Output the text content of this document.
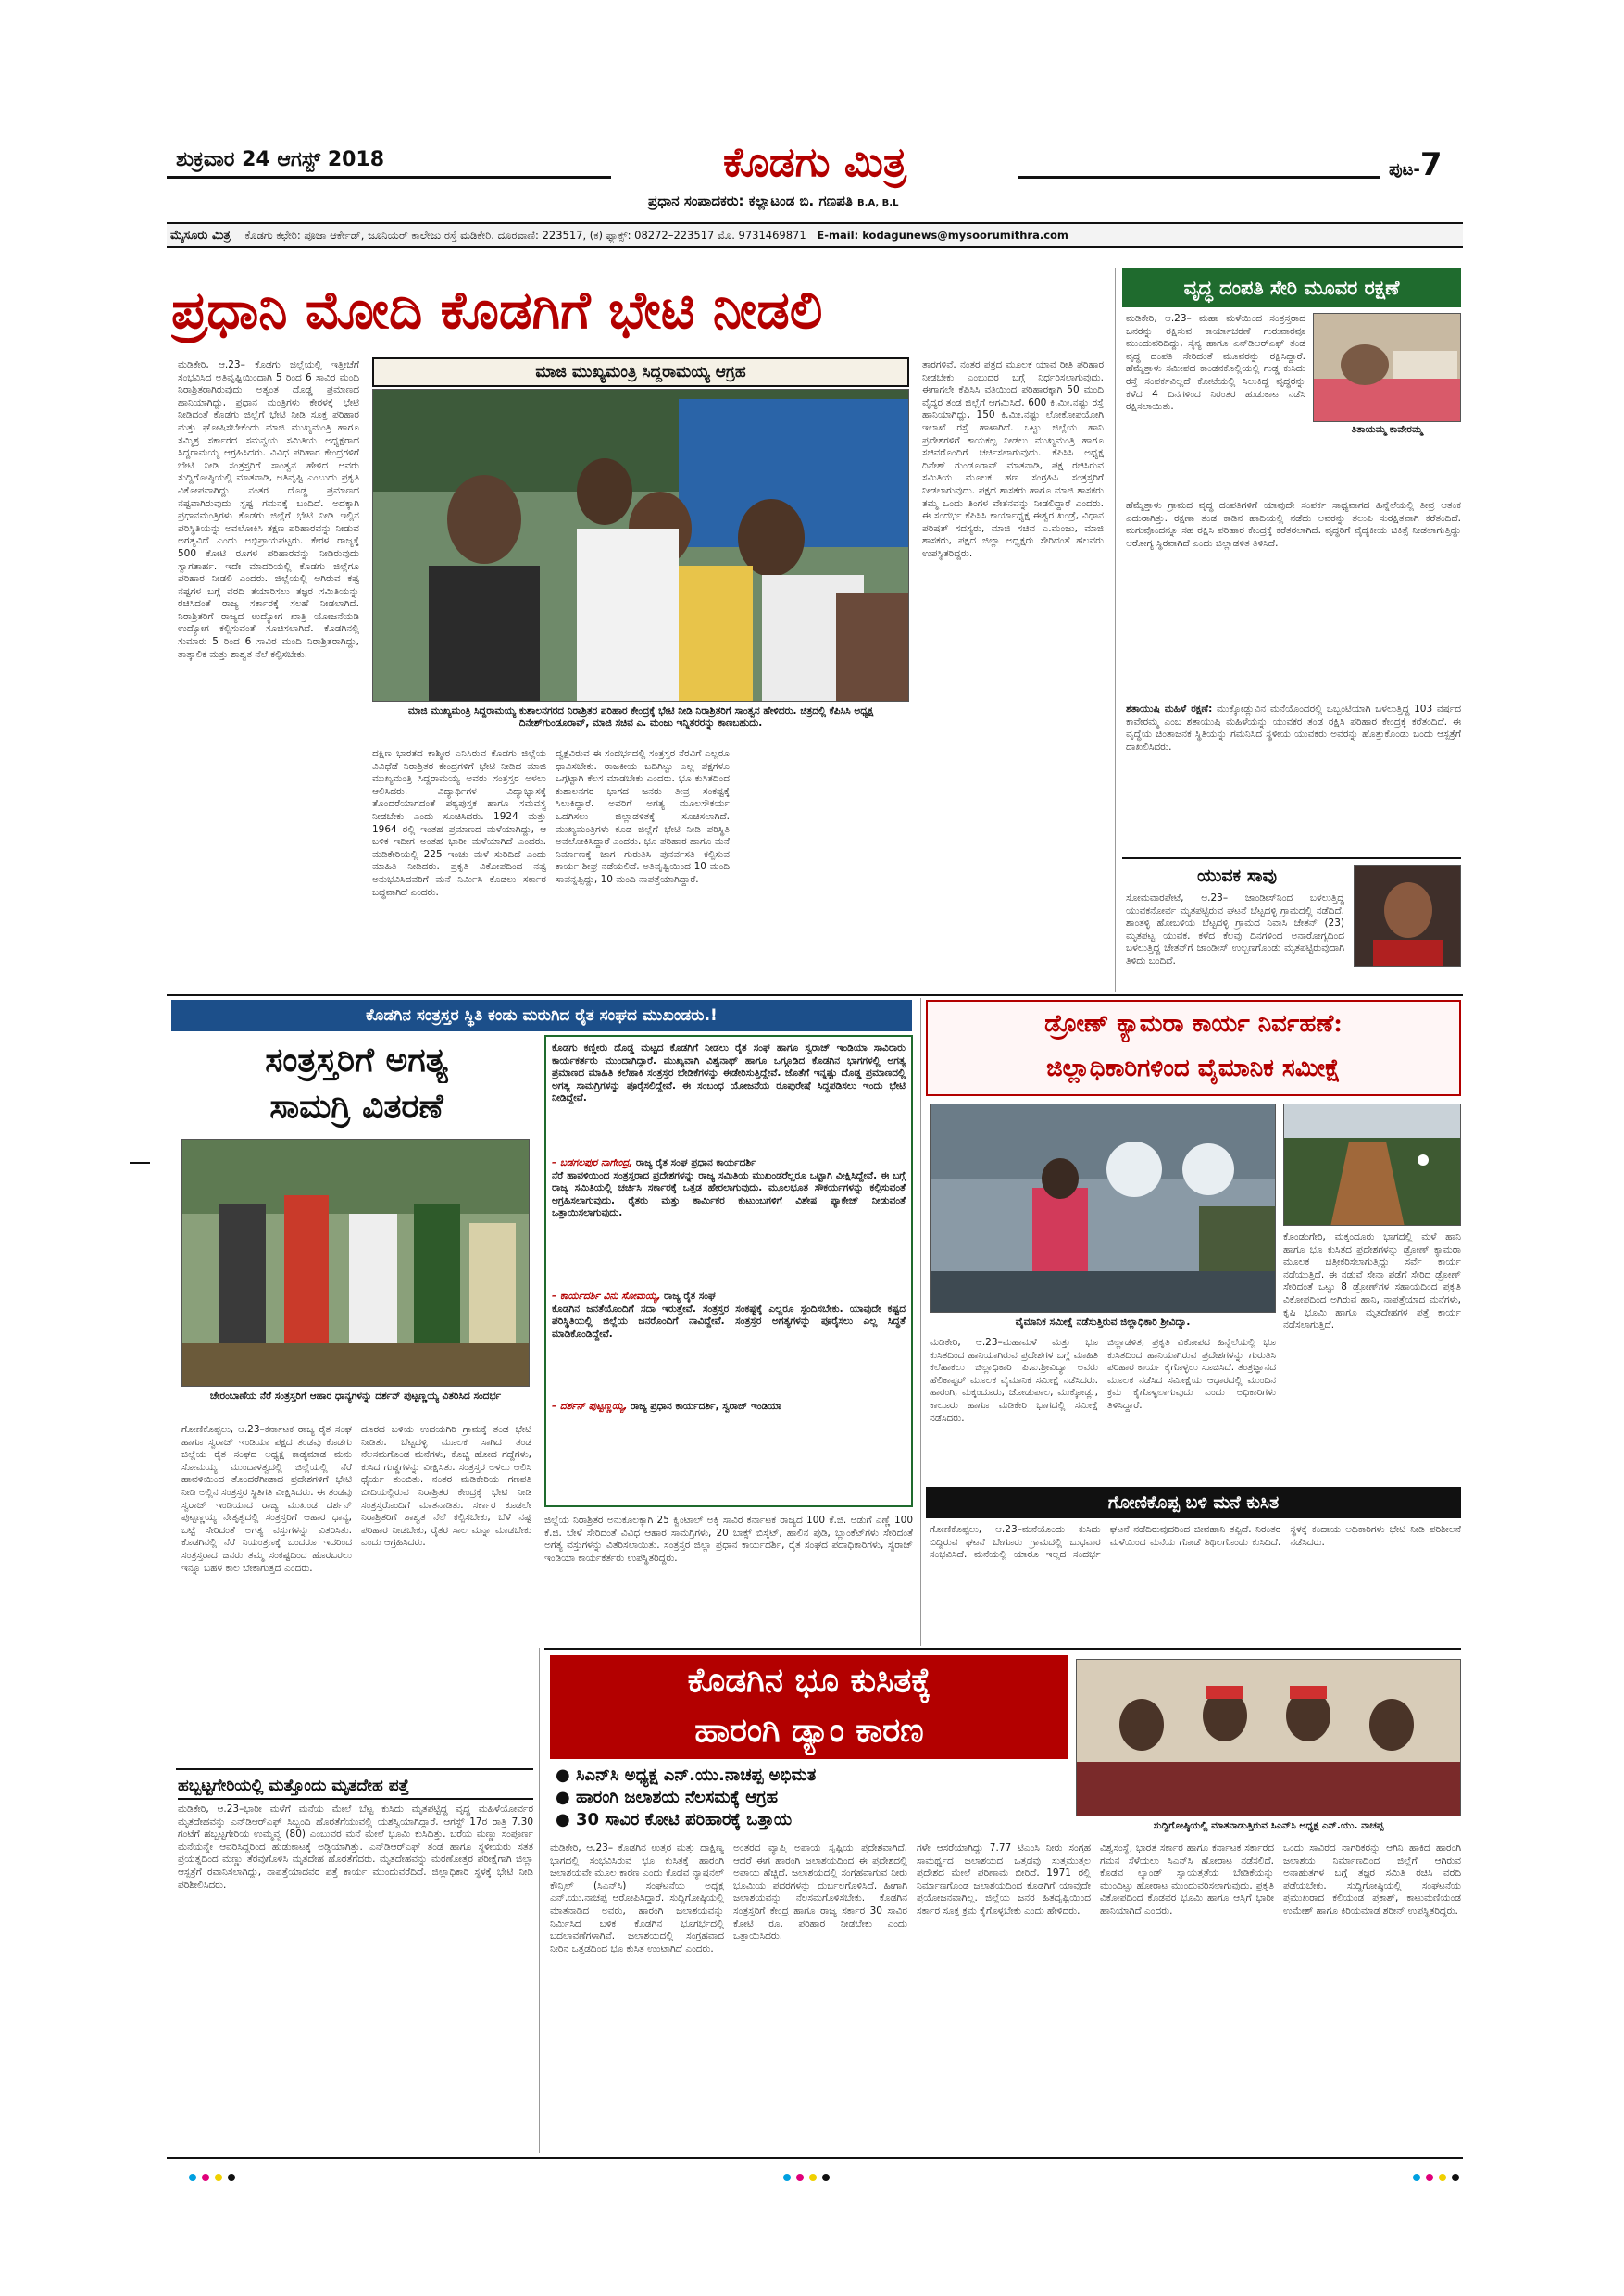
ಶುಕ್ರವಾರ 24 ಆಗಸ್ಟ್ 2018	ಕೊಡಗು ಮಿತ್ರ	ಪುಟ-7
ಪ್ರಧಾನ ಸಂಪಾದಕರು: ಕಲ್ಲಾಟಂಡ ಬಿ. ಗಣಪತಿ B.A, B.L
ಮೈಸೂರು ಮಿತ್ರ ಕೊಡಗು ಕಛೇರಿ: ಪೂಜಾ ಆರ್ಕೇಡ್, ಜೂನಿಯರ್ ಕಾಲೇಜು ರಸ್ತೆ ಮಡಿಕೇರಿ. ದೂರವಾಣಿ: 223517, (ಕ) ಫ್ಯಾಕ್ಸ್: 08272–223517 ಮೊ. 9731469871 E-mail: kodagunews@mysoorumithra.com
ಪ್ರಧಾನಿ ಮೋದಿ ಕೊಡಗಿಗೆ ಭೇಟಿ ನೀಡಲಿ
ಮಡಿಕೇರಿ, ಆ.23– ಕೊಡಗು ಜಿಲ್ಲೆಯಲ್ಲಿ ಇತ್ತೀಚೆಗೆ ಸಂಭವಿಸಿದ ಅತಿವೃಷ್ಟಿಯಿಂದಾಗಿ 5 ರಿಂದ 6 ಸಾವಿರ ಮಂದಿ ನಿರಾಶ್ರಿತರಾಗಿರುವುದು ಅತ್ಯಂತ ದೊಡ್ಡ ಪ್ರಮಾಣದ ಹಾನಿಯಾಗಿದ್ದು, ಪ್ರಧಾನ ಮಂತ್ರಿಗಳು ಕೇರಳಕ್ಕೆ ಭೇಟಿ ನೀಡಿದಂತೆ ಕೊಡಗು ಜಿಲ್ಲೆಗೆ ಭೇಟಿ ನೀಡಿ ಸೂಕ್ತ ಪರಿಹಾರ ಮತ್ತು ಘೋಷಿಸಬೇಕೆಂದು ಮಾಜಿ ಮುಖ್ಯಮಂತ್ರಿ ಹಾಗೂ ಸಮ್ಮಿಶ್ರ ಸರ್ಕಾರದ ಸಮನ್ವಯ ಸಮಿತಿಯ ಅಧ್ಯಕ್ಷರಾದ ಸಿದ್ದರಾಮಯ್ಯ ಆಗ್ರಹಿಸಿದರು. ವಿವಿಧ ಪರಿಹಾರ ಕೇಂದ್ರಗಳಿಗೆ ಭೇಟಿ ನೀಡಿ ಸಂತ್ರಸ್ತರಿಗೆ ಸಾಂತ್ವನ ಹೇಳಿದ ಅವರು ಸುದ್ದಿಗೋಷ್ಠಿಯಲ್ಲಿ ಮಾತನಾಡಿ, ಅತಿವೃಷ್ಟಿ ಎಂಬುದು ಪ್ರಕೃತಿ ವಿಕೋಪವಾಗಿದ್ದು ನಂತರ ದೊಡ್ಡ ಪ್ರಮಾಣದ ನಷ್ಟವಾಗಿರುವುದು ಸ್ಪಷ್ಟ ಗಮನಕ್ಕೆ ಬಂದಿದೆ. ಅದಕ್ಕಾಗಿ ಪ್ರಧಾನಮಂತ್ರಿಗಳು ಕೊಡಗು ಜಿಲ್ಲೆಗೆ ಭೇಟಿ ನೀಡಿ ಇಲ್ಲಿನ ಪರಿಸ್ಥಿತಿಯನ್ನು ಅವಲೋಕಿಸಿ ತಕ್ಷಣ ಪರಿಹಾರವನ್ನು ನೀಡುವ ಅಗತ್ಯವಿದೆ ಎಂದು ಅಭಿಪ್ರಾಯಪಟ್ಟರು. ಕೇರಳ ರಾಜ್ಯಕ್ಕೆ 500 ಕೋಟಿ ರೂಗಳ ಪರಿಹಾರವನ್ನು ನೀಡಿರುವುದು ಸ್ವಾಗತಾರ್ಹ. ಇದೇ ಮಾದರಿಯಲ್ಲಿ ಕೊಡಗು ಜಿಲ್ಲೆಗೂ ಪರಿಹಾರ ನೀಡಲಿ ಎಂದರು. ಜಿಲ್ಲೆಯಲ್ಲಿ ಆಗಿರುವ ಕಷ್ಟ ನಷ್ಟಗಳ ಬಗ್ಗೆ ವರದಿ ತಯಾರಿಸಲು ತಜ್ಞರ ಸಮಿತಿಯನ್ನು ರಚಿಸಿದಂತೆ ರಾಜ್ಯ ಸರ್ಕಾರಕ್ಕೆ ಸಲಹೆ ನೀಡಲಾಗಿದೆ. ನಿರಾಶ್ರಿತರಿಗೆ ರಾಜ್ಯದ ಉದ್ಯೋಗ ಖಾತ್ರಿ ಯೋಜನೆಯಡಿ ಉದ್ಯೋಗ ಕಲ್ಪಿಸುವಂತೆ ಸೂಚಿಸಲಾಗಿದೆ. ಕೊಡಗಿನಲ್ಲಿ ಸುಮಾರು 5 ರಿಂದ 6 ಸಾವಿರ ಮಂದಿ ನಿರಾಶ್ರಿತರಾಗಿದ್ದು, ತಾತ್ಕಾಲಿಕ ಮತ್ತು ಶಾಶ್ವತ ನೆಲೆ ಕಲ್ಪಿಸಬೇಕು.
ಮಾಜಿ ಮುಖ್ಯಮಂತ್ರಿ ಸಿದ್ದರಾಮಯ್ಯ ಆಗ್ರಹ
ಮಾಜಿ ಮುಖ್ಯಮಂತ್ರಿ ಸಿದ್ದರಾಮಯ್ಯ ಕುಶಾಲನಗರದ ನಿರಾಶ್ರಿತರ ಪರಿಹಾರ ಕೇಂದ್ರಕ್ಕೆ ಭೇಟಿ ನೀಡಿ ನಿರಾಶ್ರಿತರಿಗೆ ಸಾಂತ್ವನ ಹೇಳಿದರು. ಚಿತ್ರದಲ್ಲಿ ಕೆಪಿಸಿಸಿ ಅಧ್ಯಕ್ಷ ದಿನೇಶ್‌ಗುಂಡೂರಾವ್, ಮಾಜಿ ಸಚಿವ ಎ. ಮಂಜು ಇನ್ನಿತರರನ್ನು ಕಾಣಬಹುದು.
ದಕ್ಷಿಣ ಭಾರತದ ಕಾಶ್ಮೀರ ಎನಿಸಿರುವ ಕೊಡಗು ಜಿಲ್ಲೆಯ ವಿವಿಧೆಡೆ ನಿರಾಶ್ರಿತರ ಕೇಂದ್ರಗಳಿಗೆ ಭೇಟಿ ನೀಡಿದ ಮಾಜಿ ಮುಖ್ಯಮಂತ್ರಿ ಸಿದ್ದರಾಮಯ್ಯ ಅವರು ಸಂತ್ರಸ್ತರ ಅಳಲು ಆಲಿಸಿದರು. ವಿದ್ಯಾರ್ಥಿಗಳ ವಿದ್ಯಾಭ್ಯಾಸಕ್ಕೆ ತೊಂದರೆಯಾಗದಂತೆ ಪಠ್ಯಪುಸ್ತಕ ಹಾಗೂ ಸಮವಸ್ತ್ರ ನೀಡಬೇಕು ಎಂದು ಸೂಚಿಸಿದರು. 1924 ಮತ್ತು 1964 ರಲ್ಲಿ ಇಂತಹ ಪ್ರಮಾಣದ ಮಳೆಯಾಗಿದ್ದು, ಆ ಬಳಿಕ ಇದೀಗ ಅಂತಹ ಭಾರೀ ಮಳೆಯಾಗಿದೆ ಎಂದರು. ಮಡಿಕೇರಿಯಲ್ಲಿ 225 ಇಂಚು ಮಳೆ ಸುರಿದಿದೆ ಎಂದು ಮಾಹಿತಿ ನೀಡಿದರು. ಪ್ರಕೃತಿ ವಿಕೋಪದಿಂದ ನಷ್ಟ ಅನುಭವಿಸಿದವರಿಗೆ ಮನೆ ನಿರ್ಮಿಸಿ ಕೊಡಲು ಸರ್ಕಾರ ಬದ್ಧವಾಗಿದೆ ಎಂದರು.
ದ್ವಕ್ಷವಿರುವ ಈ ಸಂದರ್ಭದಲ್ಲಿ ಸಂತ್ರಸ್ತರ ನೆರವಿಗೆ ಎಲ್ಲರೂ ಧಾವಿಸಬೇಕು. ರಾಜಕೀಯ ಬದಿಗಿಟ್ಟು ಎಲ್ಲ ಪಕ್ಷಗಳೂ ಒಗ್ಗಟ್ಟಾಗಿ ಕೆಲಸ ಮಾಡಬೇಕು ಎಂದರು. ಭೂ ಕುಸಿತದಿಂದ ಕುಶಾಲನಗರ ಭಾಗದ ಜನರು ತೀವ್ರ ಸಂಕಷ್ಟಕ್ಕೆ ಸಿಲುಕಿದ್ದಾರೆ. ಅವರಿಗೆ ಅಗತ್ಯ ಮೂಲಸೌಕರ್ಯ ಒದಗಿಸಲು ಜಿಲ್ಲಾಡಳಿತಕ್ಕೆ ಸೂಚಿಸಲಾಗಿದೆ. ಮುಖ್ಯಮಂತ್ರಿಗಳು ಕೂಡ ಜಿಲ್ಲೆಗೆ ಭೇಟಿ ನೀಡಿ ಪರಿಸ್ಥಿತಿ ಅವಲೋಕಿಸಿದ್ದಾರೆ ಎಂದರು. ಭೂ ಪರಿಹಾರ ಹಾಗೂ ಮನೆ ನಿರ್ಮಾಣಕ್ಕೆ ಜಾಗ ಗುರುತಿಸಿ ಪುನರ್ವಸತಿ ಕಲ್ಪಿಸುವ ಕಾರ್ಯ ಶೀಘ್ರ ನಡೆಯಲಿದೆ. ಅತಿವೃಷ್ಟಿಯಿಂದ 10 ಮಂದಿ ಸಾವನ್ನಪ್ಪಿದ್ದು, 10 ಮಂದಿ ನಾಪತ್ತೆಯಾಗಿದ್ದಾರೆ.
ತಾರಗಳಿವೆ. ನಂತರ ಪತ್ರದ ಮೂಲಕ ಯಾವ ರೀತಿ ಪರಿಹಾರ ನೀಡಬೇಕು ಎಂಬುದರ ಬಗ್ಗೆ ನಿರ್ಧರಿಸಲಾಗುವುದು. ಈಗಾಗಲೇ ಕೆಪಿಸಿಸಿ ವತಿಯಿಂದ ಪರಿಹಾರಕ್ಕಾಗಿ 50 ಮಂದಿ ವೈದ್ಯರ ತಂಡ ಜಿಲ್ಲೆಗೆ ಆಗಮಿಸಿದೆ. 600 ಕಿ.ಮೀ.ನಷ್ಟು ರಸ್ತೆ ಹಾನಿಯಾಗಿದ್ದು, 150 ಕಿ.ಮೀ.ನಷ್ಟು ಲೋಕೋಪಯೋಗಿ ಇಲಾಖೆ ರಸ್ತೆ ಹಾಳಾಗಿದೆ. ಒಟ್ಟು ಜಿಲ್ಲೆಯ ಹಾನಿ ಪ್ರದೇಶಗಳಿಗೆ ಕಾಯಕಲ್ಪ ನೀಡಲು ಮುಖ್ಯಮಂತ್ರಿ ಹಾಗೂ ಸಚಿವರೊಂದಿಗೆ ಚರ್ಚಿಸಲಾಗುವುದು. ಕೆಪಿಸಿಸಿ ಅಧ್ಯಕ್ಷ ದಿನೇಶ್ ಗುಂಡೂರಾವ್ ಮಾತನಾಡಿ, ಪಕ್ಷ ರಚಿಸಿರುವ ಸಮಿತಿಯ ಮೂಲಕ ಹಣ ಸಂಗ್ರಹಿಸಿ ಸಂತ್ರಸ್ತರಿಗೆ ನೀಡಲಾಗುವುದು. ಪಕ್ಷದ ಶಾಸಕರು ಹಾಗೂ ಮಾಜಿ ಶಾಸಕರು ತಮ್ಮ ಒಂದು ತಿಂಗಳ ವೇತನವನ್ನು ನೀಡಲಿದ್ದಾರೆ ಎಂದರು. ಈ ಸಂದರ್ಭ ಕೆಪಿಸಿಸಿ ಕಾರ್ಯಾಧ್ಯಕ್ಷ ಈಶ್ವರ ಖಂಡ್ರೆ, ವಿಧಾನ ಪರಿಷತ್ ಸದಸ್ಯರು, ಮಾಜಿ ಸಚಿವ ಎ.ಮಂಜು, ಮಾಜಿ ಶಾಸಕರು, ಪಕ್ಷದ ಜಿಲ್ಲಾ ಅಧ್ಯಕ್ಷರು ಸೇರಿದಂತೆ ಹಲವರು ಉಪಸ್ಥಿತರಿದ್ದರು.
ವೃದ್ಧ ದಂಪತಿ ಸೇರಿ ಮೂವರ ರಕ್ಷಣೆ
ಮಡಿಕೇರಿ, ಆ.23– ಮಹಾ ಮಳೆಯಿಂದ ಸಂತ್ರಸ್ತರಾದ ಜನರನ್ನು ರಕ್ಷಿಸುವ ಕಾರ್ಯಾಚರಣೆ ಗುರುವಾರವೂ ಮುಂದುವರಿದಿದ್ದು, ಸೈನ್ಯ ಹಾಗೂ ಎನ್‌ಡಿಆರ್‌ಎಫ್ ತಂಡ ವೃದ್ಧ ದಂಪತಿ ಸೇರಿದಂತೆ ಮೂವರನ್ನು ರಕ್ಷಿಸಿದ್ದಾರೆ. ಹೆಮ್ಮೆತ್ತಾಳು ಸಮೀಪದ ಕಾಂಡನಕೊಲ್ಲಿಯಲ್ಲಿ ಗುಡ್ಡ ಕುಸಿದು ರಸ್ತೆ ಸಂಪರ್ಕವಿಲ್ಲದೆ ಕೋಟೆಯಲ್ಲಿ ಸಿಲುಕಿದ್ದ ವೃದ್ಧರನ್ನು ಕಳೆದ 4 ದಿನಗಳಿಂದ ನಿರಂತರ ಹುಡುಕಾಟ ನಡೆಸಿ ರಕ್ಷಿಸಲಾಯಿತು.
ತಿತಾಯಮ್ಮ ಕಾವೇರಮ್ಮ
ಹೆಮ್ಮೆತ್ತಾಳು ಗ್ರಾಮದ ವೃದ್ಧ ದಂಪತಿಗಳಿಗೆ ಯಾವುದೇ ಸಂಪರ್ಕ ಸಾಧ್ಯವಾಗದ ಹಿನ್ನೆಲೆಯಲ್ಲಿ ತೀವ್ರ ಆತಂಕ ಎದುರಾಗಿತ್ತು. ರಕ್ಷಣಾ ತಂಡ ಕಾಡಿನ ಹಾದಿಯಲ್ಲಿ ನಡೆದು ಅವರನ್ನು ತಲುಪಿ ಸುರಕ್ಷಿತವಾಗಿ ಕರೆತಂದಿದೆ. ಮಗುವೊಂದನ್ನೂ ಸಹ ರಕ್ಷಿಸಿ ಪರಿಹಾರ ಕೇಂದ್ರಕ್ಕೆ ಕರೆತರಲಾಗಿದೆ. ವೃದ್ಧರಿಗೆ ವೈದ್ಯಕೀಯ ಚಿಕಿತ್ಸೆ ನೀಡಲಾಗುತ್ತಿದ್ದು ಆರೋಗ್ಯ ಸ್ಥಿರವಾಗಿದೆ ಎಂದು ಜಿಲ್ಲಾಡಳಿತ ತಿಳಿಸಿದೆ.
ಶತಾಯುಷಿ ಮಹಿಳೆ ರಕ್ಷಣೆ: ಮುಕ್ಕೋಡ್ಲುವಿನ ಮನೆಯೊಂದರಲ್ಲಿ ಒಬ್ಬಂಟಿಯಾಗಿ ಬಳಲುತ್ತಿದ್ದ 103 ವರ್ಷದ ಕಾವೇರಮ್ಮ ಎಂಬ ಶತಾಯುಷಿ ಮಹಿಳೆಯನ್ನು ಯುವಕರ ತಂಡ ರಕ್ಷಿಸಿ ಪರಿಹಾರ ಕೇಂದ್ರಕ್ಕೆ ಕರೆತಂದಿದೆ. ಈ ವೃದ್ಧೆಯ ಚಿಂತಾಜನಕ ಸ್ಥಿತಿಯನ್ನು ಗಮನಿಸಿದ ಸ್ಥಳೀಯ ಯುವಕರು ಅವರನ್ನು ಹೊತ್ತುಕೊಂಡು ಬಂದು ಆಸ್ಪತ್ರೆಗೆ ದಾಖಲಿಸಿದರು.
ಯುವಕ ಸಾವು
ಸೋಮವಾರಪೇಟೆ, ಆ.23– ಜಾಂಡೀಸ್‌ನಿಂದ ಬಳಲುತ್ತಿದ್ದ ಯುವಕನೋರ್ವ ಮೃತಪಟ್ಟಿರುವ ಘಟನೆ ಬೆಟ್ಟದಳ್ಳಿ ಗ್ರಾಮದಲ್ಲಿ ನಡೆದಿದೆ. ಶಾಂತಳ್ಳಿ ಹೋಬಳಿಯ ಬೆಟ್ಟದಳ್ಳಿ ಗ್ರಾಮದ ನಿವಾಸಿ ಚೇತನ್ (23) ಮೃತಪಟ್ಟ ಯುವಕ. ಕಳೆದ ಕೆಲವು ದಿನಗಳಿಂದ ಅನಾರೋಗ್ಯದಿಂದ ಬಳಲುತ್ತಿದ್ದ ಚೇತನ್‌ಗೆ ಜಾಂಡೀಸ್ ಉಲ್ಬಣಗೊಂಡು ಮೃತಪಟ್ಟಿರುವುದಾಗಿ ತಿಳಿದು ಬಂದಿದೆ.
ಕೊಡಗಿನ ಸಂತ್ರಸ್ತರ ಸ್ಥಿತಿ ಕಂಡು ಮರುಗಿದ ರೈತ ಸಂಘದ ಮುಖಂಡರು.!
ಸಂತ್ರಸ್ತರಿಗೆ ಅಗತ್ಯ
ಸಾಮಗ್ರಿ ವಿತರಣೆ
ಚೇರಂಬಾಣೆಯ ನೆರೆ ಸಂತ್ರಸ್ತರಿಗೆ ಆಹಾರ ಧಾನ್ಯಗಳನ್ನು ದರ್ಶನ್ ಪುಟ್ಟಣ್ಣಯ್ಯ ವಿತರಿಸಿದ ಸಂದರ್ಭ
ಕೊಡಗು ಕಣ್ಣೀರು ದೊಡ್ಡ ಮಟ್ಟದ ಕೊಡಗಿಗೆ ನೀಡಲು ರೈತ ಸಂಘ ಹಾಗೂ ಸ್ವರಾಜ್ ಇಂಡಿಯಾ ಸಾವಿರಾರು ಕಾರ್ಯಕರ್ತರು ಮುಂದಾಗಿದ್ದಾರೆ. ಮುಖ್ಯವಾಗಿ ವಿಶ್ವನಾಥ್ ಹಾಗೂ ಒಗ್ಗೂಡಿದ ಕೊಡಗಿನ ಭಾಗಗಳಲ್ಲಿ ಅಗತ್ಯ ಪ್ರಮಾಣದ ಮಾಹಿತಿ ಕಲೆಹಾಕಿ ಸಂತ್ರಸ್ತರ ಬೇಡಿಕೆಗಳನ್ನು ಈಡೇರಿಸುತ್ತಿದ್ದೇವೆ. ಜೊತೆಗೆ ಇನ್ನಷ್ಟು ದೊಡ್ಡ ಪ್ರಮಾಣದಲ್ಲಿ ಅಗತ್ಯ ಸಾಮಗ್ರಿಗಳನ್ನು ಪೂರೈಸಲಿದ್ದೇವೆ. ಈ ಸಂಬಂಧ ಯೋಜನೆಯ ರೂಪುರೇಷೆ ಸಿದ್ಧಪಡಿಸಲು ಇಂದು ಭೇಟಿ ನೀಡಿದ್ದೇವೆ.
– ಬಡಗಲಪುರ ನಾಗೇಂದ್ರ, ರಾಜ್ಯ ರೈತ ಸಂಘ ಪ್ರಧಾನ ಕಾರ್ಯದರ್ಶಿ
ನೆರೆ ಹಾವಳಿಯಿಂದ ಸಂತ್ರಸ್ತರಾದ ಪ್ರದೇಶಗಳನ್ನು ರಾಜ್ಯ ಸಮಿತಿಯ ಮುಖಂಡರೆಲ್ಲರೂ ಒಟ್ಟಾಗಿ ವೀಕ್ಷಿಸಿದ್ದೇವೆ. ಈ ಬಗ್ಗೆ ರಾಜ್ಯ ಸಮಿತಿಯಲ್ಲಿ ಚರ್ಚಿಸಿ ಸರ್ಕಾರಕ್ಕೆ ಒತ್ತಡ ಹೇರಲಾಗುವುದು. ಮೂಲಭೂತ ಸೌಕರ್ಯಗಳನ್ನು ಕಲ್ಪಿಸುವಂತೆ ಆಗ್ರಹಿಸಲಾಗುವುದು. ರೈತರು ಮತ್ತು ಕಾರ್ಮಿಕರ ಕುಟುಂಬಗಳಿಗೆ ವಿಶೇಷ ಪ್ಯಾಕೇಜ್ ನೀಡುವಂತೆ ಒತ್ತಾಯಿಸಲಾಗುವುದು.
– ಕಾರ್ಯದರ್ಶಿ ವಿನು ಸೋಮಯ್ಯ, ರಾಜ್ಯ ರೈತ ಸಂಘ
ಕೊಡಗಿನ ಜನತೆಯೊಂದಿಗೆ ಸದಾ ಇರುತ್ತೇವೆ. ಸಂತ್ರಸ್ತರ ಸಂಕಷ್ಟಕ್ಕೆ ಎಲ್ಲರೂ ಸ್ಪಂದಿಸಬೇಕು. ಯಾವುದೇ ಕಷ್ಟದ ಪರಿಸ್ಥಿತಿಯಲ್ಲಿ ಜಿಲ್ಲೆಯ ಜನರೊಂದಿಗೆ ನಾವಿದ್ದೇವೆ. ಸಂತ್ರಸ್ತರ ಅಗತ್ಯಗಳನ್ನು ಪೂರೈಸಲು ಎಲ್ಲ ಸಿದ್ಧತೆ ಮಾಡಿಕೊಂಡಿದ್ದೇವೆ.
– ದರ್ಶನ್ ಪುಟ್ಟಣ್ಣಯ್ಯ, ರಾಜ್ಯ ಪ್ರಧಾನ ಕಾರ್ಯದರ್ಶಿ, ಸ್ವರಾಜ್ ಇಂಡಿಯಾ
ಗೋಣಿಕೊಪ್ಪಲು, ಆ.23–ಕರ್ನಾಟಕ ರಾಜ್ಯ ರೈತ ಸಂಘ ಹಾಗೂ ಸ್ವರಾಜ್ ಇಂಡಿಯಾ ಪಕ್ಷದ ತಂಡವು ಕೊಡಗು ಜಿಲ್ಲೆಯ ರೈತ ಸಂಘದ ಅಧ್ಯಕ್ಷ ಕಾಡ್ಯಮಾಡ ಮನು ಸೋಮಯ್ಯ ಮುಂದಾಳತ್ವದಲ್ಲಿ ಜಿಲ್ಲೆಯಲ್ಲಿ ನೆರೆ ಹಾವಳಿಯಿಂದ ತೊಂದರೆಗೀಡಾದ ಪ್ರದೇಶಗಳಿಗೆ ಭೇಟಿ ನೀಡಿ ಅಲ್ಲಿನ ಸಂತ್ರಸ್ತರ ಸ್ಥಿತಿಗತಿ ವೀಕ್ಷಿಸಿದರು. ಈ ತಂಡವು ಸ್ವರಾಜ್ ಇಂಡಿಯಾದ ರಾಜ್ಯ ಮುಖಂಡ ದರ್ಶನ್ ಪುಟ್ಟಣ್ಣಯ್ಯ ನೇತೃತ್ವದಲ್ಲಿ ಸಂತ್ರಸ್ತರಿಗೆ ಆಹಾರ ಧಾನ್ಯ, ಬಟ್ಟೆ ಸೇರಿದಂತೆ ಅಗತ್ಯ ವಸ್ತುಗಳನ್ನು ವಿತರಿಸಿತು. ಕೊಡಗಿನಲ್ಲಿ ನೆರೆ ನಿಯಂತ್ರಣಕ್ಕೆ ಬಂದರೂ ಇದರಿಂದ ಸಂತ್ರಸ್ತರಾದ ಜನರು ತಮ್ಮ ಸಂಕಷ್ಟದಿಂದ ಹೊರಬರಲು ಇನ್ನೂ ಬಹಳ ಕಾಲ ಬೇಕಾಗುತ್ತದೆ ಎಂದರು.
ದೂರದ ಬಳಿಯ ಉದಯಗಿರಿ ಗ್ರಾಮಕ್ಕೆ ತಂಡ ಭೇಟಿ ನೀಡಿತು. ಬೆಟ್ಟದಳ್ಳಿ ಮೂಲಕ ಸಾಗಿದ ತಂಡ ನೆಲಸಮಗೊಂಡ ಮನೆಗಳು, ಕೊಚ್ಚಿ ಹೋದ ಗದ್ದೆಗಳು, ಕುಸಿದ ಗುಡ್ಡಗಳನ್ನು ವೀಕ್ಷಿಸಿತು. ಸಂತ್ರಸ್ತರ ಅಳಲು ಆಲಿಸಿ ಧೈರ್ಯ ತುಂಬಿತು. ನಂತರ ಮಡಿಕೇರಿಯ ಗಣಪತಿ ಬೀದಿಯಲ್ಲಿರುವ ನಿರಾಶ್ರಿತರ ಕೇಂದ್ರಕ್ಕೆ ಭೇಟಿ ನೀಡಿ ಸಂತ್ರಸ್ತರೊಂದಿಗೆ ಮಾತನಾಡಿತು. ಸರ್ಕಾರ ಕೂಡಲೇ ನಿರಾಶ್ರಿತರಿಗೆ ಶಾಶ್ವತ ನೆಲೆ ಕಲ್ಪಿಸಬೇಕು, ಬೆಳೆ ನಷ್ಟ ಪರಿಹಾರ ನೀಡಬೇಕು, ರೈತರ ಸಾಲ ಮನ್ನಾ ಮಾಡಬೇಕು ಎಂದು ಆಗ್ರಹಿಸಿದರು.
ಜಿಲ್ಲೆಯ ನಿರಾಶ್ರಿತರ ಅನುಕೂಲಕ್ಕಾಗಿ 25 ಕ್ವಿಂಟಾಲ್ ಅಕ್ಕಿ ಸಾವಿರ ಕರ್ನಾಟಕ ರಾಜ್ಯದ 100 ಕೆ.ಜಿ. ಅಡುಗೆ ಎಣ್ಣೆ 100 ಕೆ.ಜಿ. ಬೇಳೆ ಸೇರಿದಂತೆ ವಿವಿಧ ಆಹಾರ ಸಾಮಗ್ರಿಗಳು, 20 ಬಾಕ್ಸ್ ಬಿಸ್ಕೆಟ್, ಹಾಲಿನ ಪುಡಿ, ಬ್ಲಾಂಕೆಟ್‌ಗಳು ಸೇರಿದಂತೆ ಅಗತ್ಯ ವಸ್ತುಗಳನ್ನು ವಿತರಿಸಲಾಯಿತು. ಸಂತ್ರಸ್ತರ ಜಿಲ್ಲಾ ಪ್ರಧಾನ ಕಾರ್ಯದರ್ಶಿ, ರೈತ ಸಂಘದ ಪದಾಧಿಕಾರಿಗಳು, ಸ್ವರಾಜ್ ಇಂಡಿಯಾ ಕಾರ್ಯಕರ್ತರು ಉಪಸ್ಥಿತರಿದ್ದರು.
ಡ್ರೋಣ್ ಕ್ಯಾಮರಾ ಕಾರ್ಯ ನಿರ್ವಹಣೆ:
ಜಿಲ್ಲಾಧಿಕಾರಿಗಳಿಂದ ವೈಮಾನಿಕ ಸಮೀಕ್ಷೆ
ವೈಮಾನಿಕ ಸಮೀಕ್ಷೆ ನಡೆಸುತ್ತಿರುವ ಜಿಲ್ಲಾಧಿಕಾರಿ ಶ್ರೀವಿದ್ಯಾ.
ಕೊಂಡಂಗೇರಿ, ಮಕ್ಕಂದೂರು ಭಾಗದಲ್ಲಿ ಮಳೆ ಹಾನಿ ಹಾಗೂ ಭೂ ಕುಸಿತದ ಪ್ರದೇಶಗಳನ್ನು ಡ್ರೋಣ್ ಕ್ಯಾಮರಾ ಮೂಲಕ ಚಿತ್ರೀಕರಿಸಲಾಗುತ್ತಿದ್ದು ಸರ್ವೆ ಕಾರ್ಯ ನಡೆಯುತ್ತಿದೆ. ಈ ನಡುವೆ ಸೇನಾ ಪಡೆಗೆ ಸೇರಿದ ಡ್ರೋಣ್ ಸೇರಿದಂತೆ ಒಟ್ಟು 8 ಡ್ರೋಣ್‌ಗಳ ಸಹಾಯದಿಂದ ಪ್ರಕೃತಿ ವಿಕೋಪದಿಂದ ಅಗಿರುವ ಹಾನಿ, ನಾಪತ್ತೆಯಾದ ಮನೆಗಳು, ಕೃಷಿ ಭೂಮಿ ಹಾಗೂ ಮೃತದೇಹಗಳ ಪತ್ತೆ ಕಾರ್ಯ ನಡೆಸಲಾಗುತ್ತಿದೆ.
ಮಡಿಕೇರಿ, ಆ.23–ಮಹಾಮಳೆ ಮತ್ತು ಭೂ ಕುಸಿತದಿಂದ ಹಾನಿಯಾಗಿರುವ ಪ್ರದೇಶಗಳ ಬಗ್ಗೆ ಮಾಹಿತಿ ಕಲೆಹಾಕಲು ಜಿಲ್ಲಾಧಿಕಾರಿ ಪಿ.ಐ.ಶ್ರೀವಿದ್ಯಾ ಅವರು ಹೆಲಿಕಾಪ್ಟರ್ ಮೂಲಕ ವೈಮಾನಿಕ ಸಮೀಕ್ಷೆ ನಡೆಸಿದರು. ಹಾರಂಗಿ, ಮಕ್ಕಂದೂರು, ಜೋಡುಪಾಲ, ಮುಕ್ಕೋಡ್ಲು, ಕಾಲೂರು ಹಾಗೂ ಮಡಿಕೇರಿ ಭಾಗದಲ್ಲಿ ಸಮೀಕ್ಷೆ ನಡೆಸಿದರು.
ಜಿಲ್ಲಾಡಳಿತ, ಪ್ರಕೃತಿ ವಿಕೋಪದ ಹಿನ್ನೆಲೆಯಲ್ಲಿ ಭೂ ಕುಸಿತದಿಂದ ಹಾನಿಯಾಗಿರುವ ಪ್ರದೇಶಗಳನ್ನು ಗುರುತಿಸಿ ಪರಿಹಾರ ಕಾರ್ಯ ಕೈಗೊಳ್ಳಲು ಸೂಚಿಸಿದೆ. ತಂತ್ರಜ್ಞಾನದ ಮೂಲಕ ನಡೆಸಿದ ಸಮೀಕ್ಷೆಯ ಆಧಾರದಲ್ಲಿ ಮುಂದಿನ ಕ್ರಮ ಕೈಗೊಳ್ಳಲಾಗುವುದು ಎಂದು ಅಧಿಕಾರಿಗಳು ತಿಳಿಸಿದ್ದಾರೆ.
ಗೋಣಿಕೊಪ್ಪ ಬಳಿ ಮನೆ ಕುಸಿತ
ಗೋಣಿಕೊಪ್ಪಲು, ಆ.23–ಮನೆಯೊಂದು ಕುಸಿದು ಬಿದ್ದಿರುವ ಘಟನೆ ಬೇಗೂರು ಗ್ರಾಮದಲ್ಲಿ ಬುಧವಾರ ಸಂಭವಿಸಿದೆ. ಮನೆಯಲ್ಲಿ ಯಾರೂ ಇಲ್ಲದ ಸಂದರ್ಭ ಘಟನೆ ನಡೆದಿರುವುದರಿಂದ ಜೀವಹಾನಿ ತಪ್ಪಿದೆ. ನಿರಂತರ ಮಳೆಯಿಂದ ಮನೆಯ ಗೋಡೆ ಶಿಥಿಲಗೊಂಡು ಕುಸಿದಿದೆ. ಸ್ಥಳಕ್ಕೆ ಕಂದಾಯ ಅಧಿಕಾರಿಗಳು ಭೇಟಿ ನೀಡಿ ಪರಿಶೀಲನೆ ನಡೆಸಿದರು.
ಕೊಡಗಿನ ಭೂ ಕುಸಿತಕ್ಕೆ
ಹಾರಂಗಿ ಡ್ಯಾಂ ಕಾರಣ
● ಸಿಎನ್‌ಸಿ ಅಧ್ಯಕ್ಷ ಎನ್.ಯು.ನಾಚಪ್ಪ ಅಭಿಮತ
● ಹಾರಂಗಿ ಜಲಾಶಯ ನೆಲಸಮಕ್ಕೆ ಆಗ್ರಹ
● 30 ಸಾವಿರ ಕೋಟಿ ಪರಿಹಾರಕ್ಕೆ ಒತ್ತಾಯ	ಸುದ್ದಿಗೋಷ್ಠಿಯಲ್ಲಿ ಮಾತನಾಡುತ್ತಿರುವ ಸಿಎನ್‌ಸಿ ಅಧ್ಯಕ್ಷ ಎನ್.ಯು. ನಾಚಪ್ಪ
ಮಡಿಕೇರಿ, ಆ.23– ಕೊಡಗಿನ ಉತ್ತರ ಮತ್ತು ದಾಕ್ಷಿಣ್ಯ ಭಾಗದಲ್ಲಿ ಸಂಭವಿಸಿರುವ ಭೂ ಕುಸಿತಕ್ಕೆ ಹಾರಂಗಿ ಜಲಾಶಯವೇ ಮೂಲ ಕಾರಣ ಎಂದು ಕೊಡವ ನ್ಯಾಷನಲ್ ಕೌನ್ಸಿಲ್ (ಸಿಎನ್‌ಸಿ) ಸಂಘಟನೆಯ ಅಧ್ಯಕ್ಷ ಎನ್.ಯು.ನಾಚಪ್ಪ ಆರೋಪಿಸಿದ್ದಾರೆ. ಸುದ್ದಿಗೋಷ್ಠಿಯಲ್ಲಿ ಮಾತನಾಡಿದ ಅವರು, ಹಾರಂಗಿ ಜಲಾಶಯವನ್ನು ನಿರ್ಮಿಸಿದ ಬಳಿಕ ಕೊಡಗಿನ ಭೂಗರ್ಭದಲ್ಲಿ ಬದಲಾವಣೆಗಳಾಗಿವೆ. ಜಲಾಶಯದಲ್ಲಿ ಸಂಗ್ರಹವಾದ ನೀರಿನ ಒತ್ತಡದಿಂದ ಭೂ ಕುಸಿತ ಉಂಟಾಗಿದೆ ಎಂದರು.
ಅಂತರದ ವ್ಯಾಪ್ತಿ ಅಪಾಯ ಸೃಷ್ಟಿಯ ಪ್ರದೇಶವಾಗಿದೆ. ಆದರೆ ಈಗ ಹಾರಂಗಿ ಜಲಾಶಯದಿಂದ ಈ ಪ್ರದೇಶದಲ್ಲಿ ಅಪಾಯ ಹೆಚ್ಚಿದೆ. ಜಲಾಶಯದಲ್ಲಿ ಸಂಗ್ರಹವಾಗುವ ನೀರು ಭೂಮಿಯ ಪದರಗಳನ್ನು ದುರ್ಬಲಗೊಳಿಸಿದೆ. ಹೀಗಾಗಿ ಜಲಾಶಯವನ್ನು ನೆಲಸಮಗೊಳಿಸಬೇಕು. ಕೊಡಗಿನ ಸಂತ್ರಸ್ತರಿಗೆ ಕೇಂದ್ರ ಹಾಗೂ ರಾಜ್ಯ ಸರ್ಕಾರ 30 ಸಾವಿರ ಕೋಟಿ ರೂ. ಪರಿಹಾರ ನೀಡಬೇಕು ಎಂದು ಒತ್ತಾಯಿಸಿದರು.
ಗಳೇ ಆಸರೆಯಾಗಿದ್ದು 7.77 ಟಿಎಂಸಿ ನೀರು ಸಂಗ್ರಹ ಸಾಮರ್ಥ್ಯದ ಜಲಾಶಯದ ಒತ್ತಡವು ಸುತ್ತಮುತ್ತಲ ಪ್ರದೇಶದ ಮೇಲೆ ಪರಿಣಾಮ ಬೀರಿದೆ. 1971 ರಲ್ಲಿ ನಿರ್ಮಾಣಗೊಂಡ ಜಲಾಶಯದಿಂದ ಕೊಡಗಿಗೆ ಯಾವುದೇ ಪ್ರಯೋಜನವಾಗಿಲ್ಲ. ಜಿಲ್ಲೆಯ ಜನರ ಹಿತದೃಷ್ಟಿಯಿಂದ ಸರ್ಕಾರ ಸೂಕ್ತ ಕ್ರಮ ಕೈಗೊಳ್ಳಬೇಕು ಎಂದು ಹೇಳಿದರು.
ವಿಶ್ವಸಂಸ್ಥೆ, ಭಾರತ ಸರ್ಕಾರ ಹಾಗೂ ಕರ್ನಾಟಕ ಸರ್ಕಾರದ ಗಮನ ಸೆಳೆಯಲು ಸಿಎನ್‌ಸಿ ಹೋರಾಟ ನಡೆಸಲಿದೆ. ಕೊಡವ ಲ್ಯಾಂಡ್ ಸ್ವಾಯತ್ತತೆಯ ಬೇಡಿಕೆಯನ್ನು ಮುಂದಿಟ್ಟು ಹೋರಾಟ ಮುಂದುವರಿಸಲಾಗುವುದು. ಪ್ರಕೃತಿ ವಿಕೋಪದಿಂದ ಕೊಡವರ ಭೂಮಿ ಹಾಗೂ ಆಸ್ತಿಗೆ ಭಾರೀ ಹಾನಿಯಾಗಿದೆ ಎಂದರು.
ಒಂದು ಸಾವಿರದ ನಾಗರಿಕರನ್ನು ಆಗಿನಿ ಹಾಕಿದ ಹಾರಂಗಿ ಜಲಾಶಯ ನಿರ್ಮಾಣದಿಂದ ಜಿಲ್ಲೆಗೆ ಆಗಿರುವ ಅನಾಹುತಗಳ ಬಗ್ಗೆ ತಜ್ಞರ ಸಮಿತಿ ರಚಿಸಿ ವರದಿ ಪಡೆಯಬೇಕು. ಸುದ್ದಿಗೋಷ್ಠಿಯಲ್ಲಿ ಸಂಘಟನೆಯ ಪ್ರಮುಖರಾದ ಕಲಿಯಂಡ ಪ್ರಕಾಶ್, ಕಾಟುಮಣಿಯಂಡ ಉಮೇಶ್ ಹಾಗೂ ಕಿರಿಯಮಾಡ ಶರೀನ್ ಉಪಸ್ಥಿತರಿದ್ದರು.
ಹಬ್ಬಟ್ಟಗೇರಿಯಲ್ಲಿ ಮತ್ತೊಂದು ಮೃತದೇಹ ಪತ್ತೆ
ಮಡಿಕೇರಿ, ಆ.23–ಭಾರೀ ಮಳೆಗೆ ಮನೆಯ ಮೇಲೆ ಬೆಟ್ಟ ಕುಸಿದು ಮೃತಪಟ್ಟಿದ್ದ ವೃದ್ಧ ಮಹಿಳೆಯೋರ್ವರ ಮೃತದೇಹವನ್ನು ಎನ್‌ಡಿಆರ್‌ಎಫ್ ಸಿಬ್ಬಂದಿ ಹೊರತೆಗೆಯುವಲ್ಲಿ ಯಶಸ್ವಿಯಾಗಿದ್ದಾರೆ. ಆಗಸ್ಟ್ 17ರ ರಾತ್ರಿ 7.30 ಗಂಟೆಗೆ ಹಬ್ಬಟ್ಟಗೇರಿಯ ಉಮ್ಮವ್ವ (80) ಎಂಬುವರ ಮನೆ ಮೇಲೆ ಭೂಮಿ ಕುಸಿದಿತ್ತು. ಬರೆಯ ಮಣ್ಣು ಸಂಪೂರ್ಣ ಮನೆಯನ್ನೇ ಆವರಿಸಿದ್ದರಿಂದ ಹುಡುಕಾಟಕ್ಕೆ ಅಡ್ಡಿಯಾಗಿತ್ತು. ಎನ್‌ಡಿಆರ್‌ಎಫ್ ತಂಡ ಹಾಗೂ ಸ್ಥಳೀಯರು ಸತತ ಪ್ರಯತ್ನದಿಂದ ಮಣ್ಣು ತೆರವುಗೊಳಿಸಿ ಮೃತದೇಹ ಹೊರತೆಗೆದರು. ಮೃತದೇಹವನ್ನು ಮರಣೋತ್ತರ ಪರೀಕ್ಷೆಗಾಗಿ ಜಿಲ್ಲಾ ಆಸ್ಪತ್ರೆಗೆ ರವಾನಿಸಲಾಗಿದ್ದು, ನಾಪತ್ತೆಯಾದವರ ಪತ್ತೆ ಕಾರ್ಯ ಮುಂದುವರೆದಿದೆ. ಜಿಲ್ಲಾಧಿಕಾರಿ ಸ್ಥಳಕ್ಕೆ ಭೇಟಿ ನೀಡಿ ಪರಿಶೀಲಿಸಿದರು.
